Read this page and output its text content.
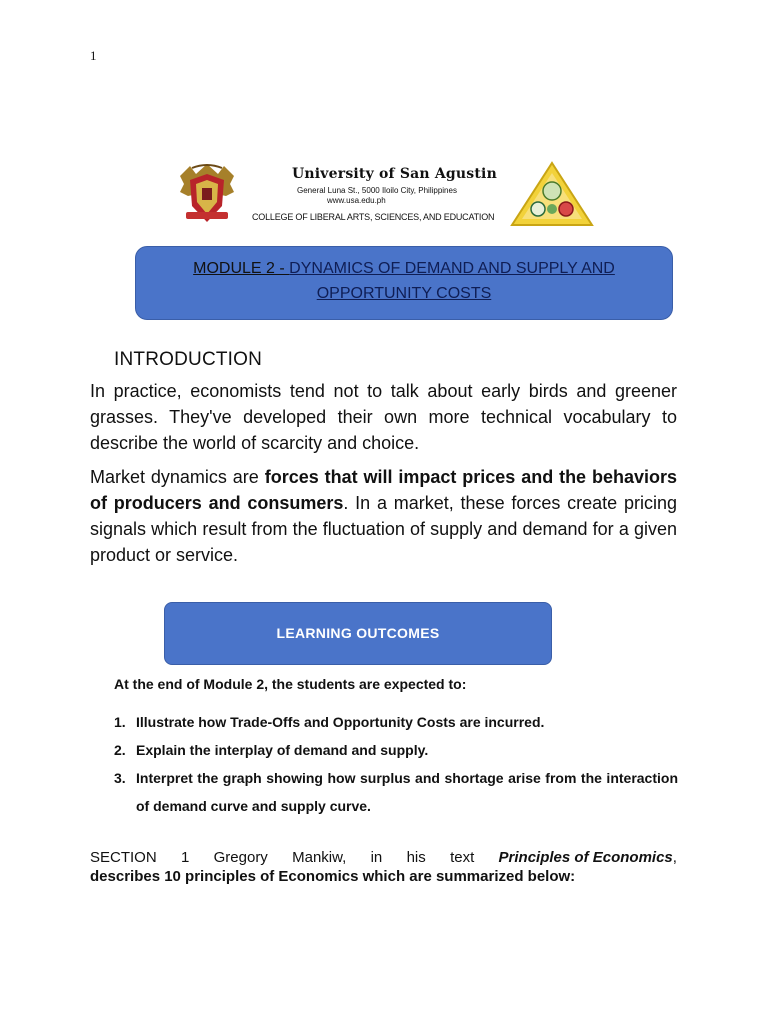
1
University of San Agustin
General Luna St., 5000 Iloilo City, Philippines
www.usa.edu.ph
COLLEGE OF LIBERAL ARTS, SCIENCES, AND EDUCATION
MODULE 2 - DYNAMICS OF DEMAND AND SUPPLY AND
OPPORTUNITY COSTS
INTRODUCTION
In practice, economists tend not to talk about early birds and greener grasses. They've developed their own more technical vocabulary to describe the world of scarcity and choice.
Market dynamics are forces that will impact prices and the behaviors of producers and consumers. In a market, these forces create pricing signals which result from the fluctuation of supply and demand for a given product or service.
LEARNING OUTCOMES
At the end of Module 2, the students are expected to:
1. Illustrate how Trade-Offs and Opportunity Costs are incurred.
2. Explain the interplay of demand and supply.
3. Interpret the graph showing how surplus and shortage arise from the interaction of demand curve and supply curve.
SECTION 1 Gregory Mankiw, in his text Principles of Economics,
describes 10 principles of Economics which are summarized below:
